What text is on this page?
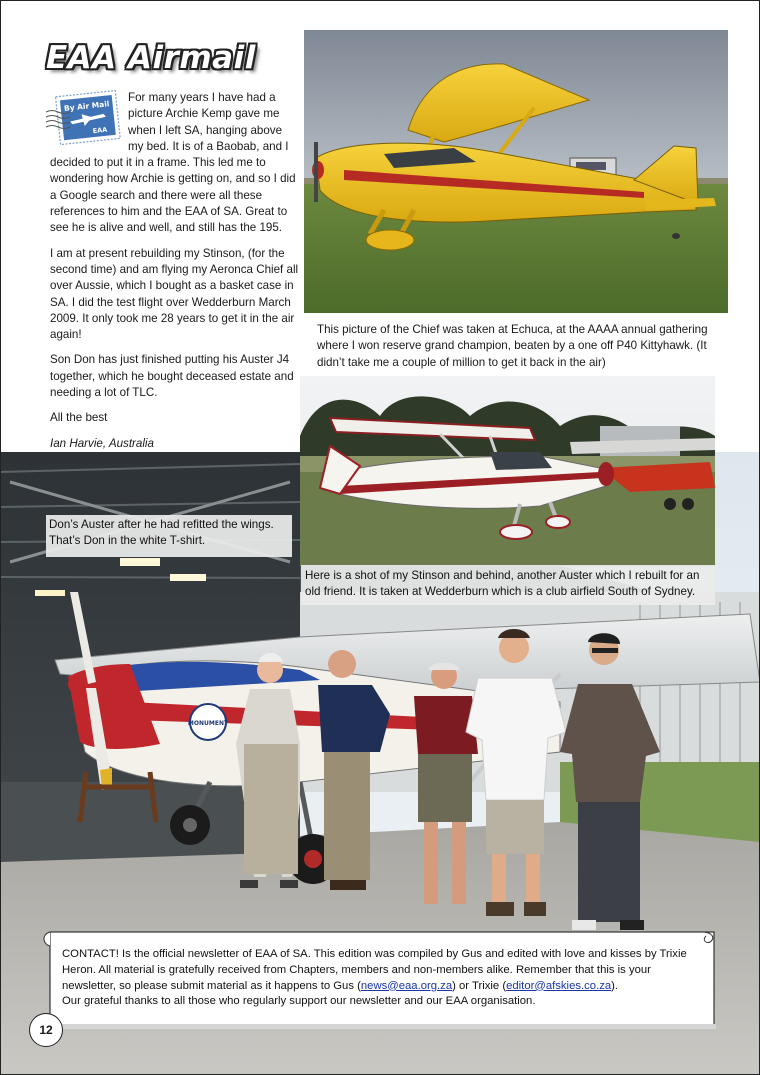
MONUMENT
EAA Airmail
By Air Mail
EAA

For many years I have had a picture Archie Kemp gave me when I left SA, hanging above my bed. It is of a Baobab, and I decided to put it in a frame. This led me to wondering how Archie is getting on, and so I did a Google search and there were all these references to him and the EAA of SA. Great to see he is alive and well, and still has the 195.

I am at present rebuilding my Stinson, (for the second time) and am flying my Aeronca Chief all over Aussie, which I bought as a basket case in SA. I did the test flight over Wedderburn March 2009. It only took me 28 years to get it in the air again!

Son Don has just finished putting his Auster J4 together, which he bought deceased estate and needing a lot of TLC.

All the best

Ian Harvie, Australia

This picture of the Chief was taken at Echuca, at the AAAA annual gathering where I won reserve grand champion, beaten by a one off P40 Kittyhawk. (It didn’t take me a couple of million to get it back in the air)
Don’s Auster after he had refitted the wings. That’s Don in the white T-shirt.
Here is a shot of my Stinson and behind, another Auster which I rebuilt for an old friend. It is taken at Wedderburn which is a club airfield South of Sydney.
CONTACT! Is the official newsletter of EAA of SA. This edition was compiled by Gus and edited with love and kisses by Trixie Heron. All material is gratefully received from Chapters, members and non-members alike. Remember that this is your newsletter, so please submit material as it happens to Gus (news@eaa.org.za) or Trixie (editor@afskies.co.za).
Our grateful thanks to all those who regularly support our newsletter and our EAA organisation.
12
